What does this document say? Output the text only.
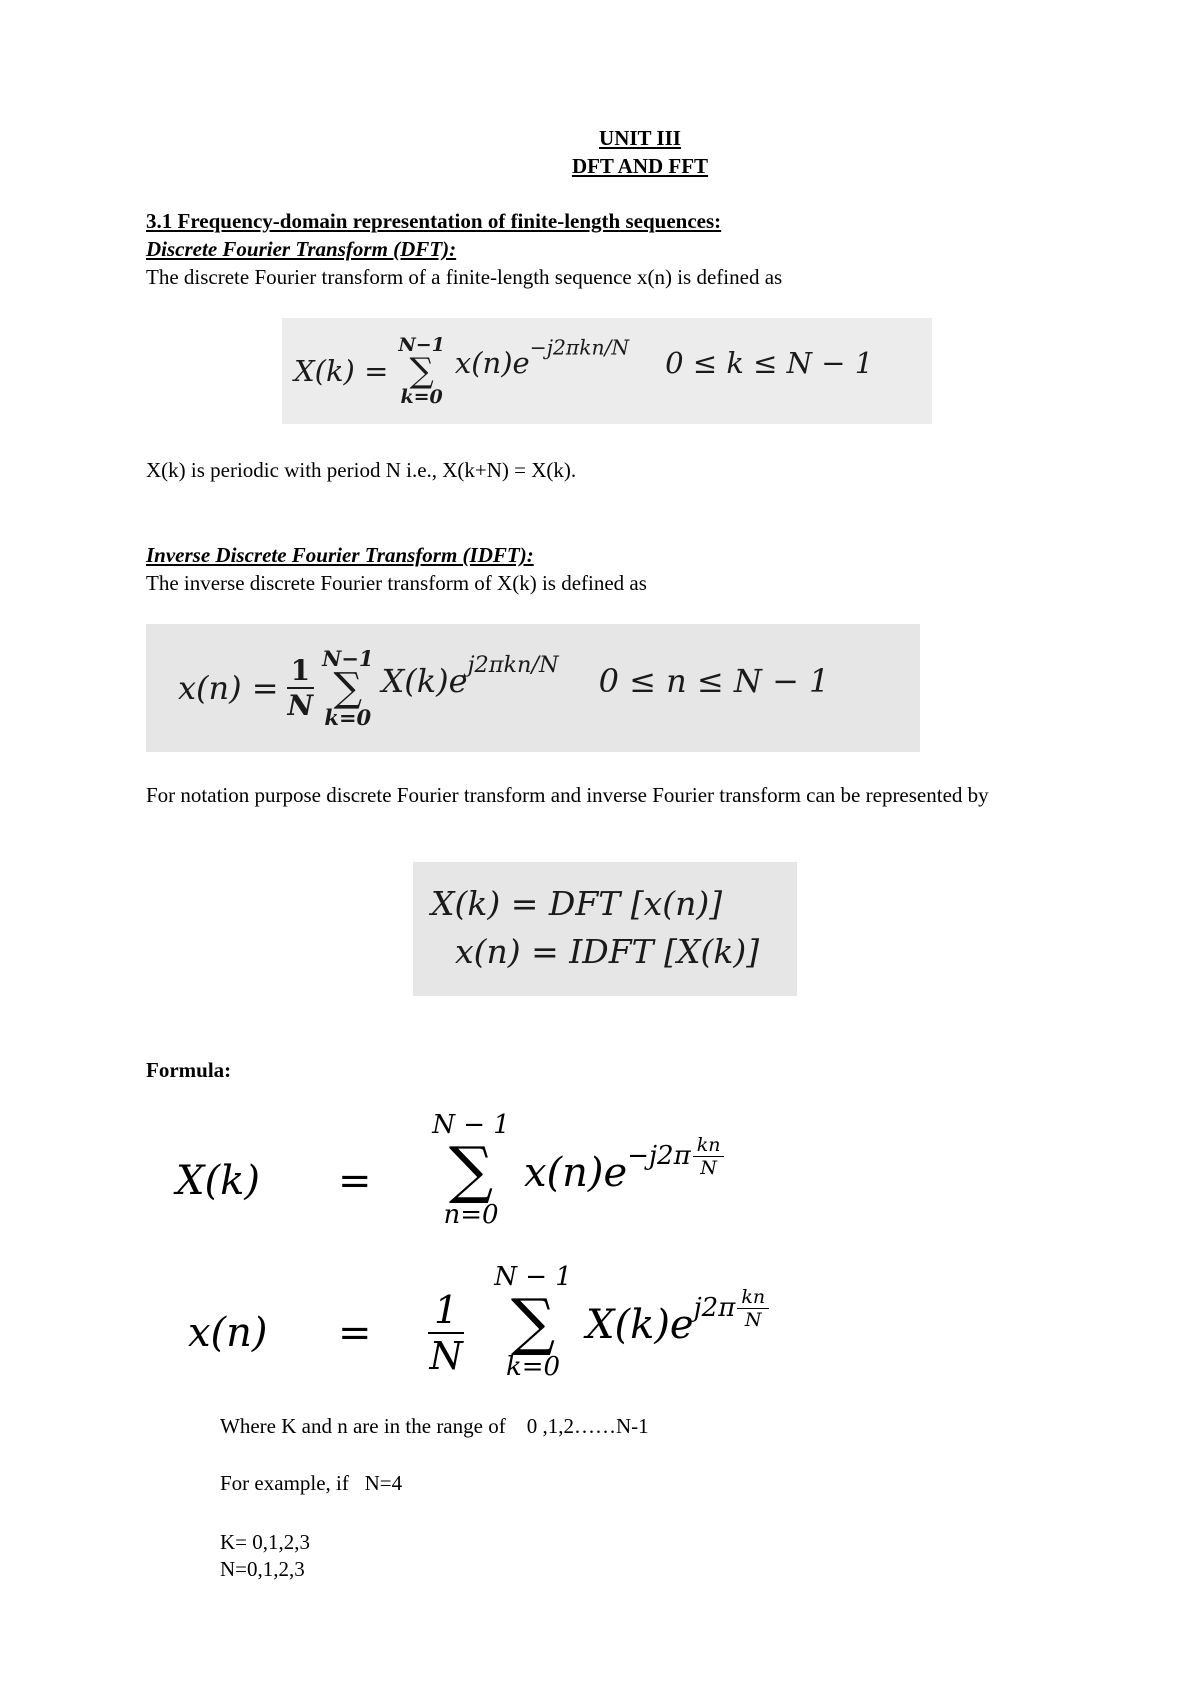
UNIT III
DFT AND FFT
3.1 Frequency-domain representation of finite-length sequences:
Discrete Fourier Transform (DFT):
The discrete Fourier transform of a finite-length sequence x(n) is defined as
X(k) =
N−1
∑
k=0
$x(n)e^{-j2\pi kn/N}$ 0 ≤ k ≤ N − 1
X(k) is periodic with period N i.e., X(k+N) = X(k).
Inverse Discrete Fourier Transform (IDFT):
The inverse discrete Fourier transform of X(k) is defined as
$x(n) = \frac{1}{N} N-1$
∑
k=0
$X(k)e^{j2\pi kn/N}$ 0 ≤ n ≤ N − 1
For notation purpose discrete Fourier transform and inverse Fourier transform can be represented by
X(k) = DFT [x(n)]
x(n) = IDFT [X(k)]
Formula:
X(k) =
N − 1
∑
n=0
$x(n)e -j2\pi \frac{kn}{N}$
$x(n) = \frac{1}{N}$
N − 1
∑
k=0
X(k)e $j2\pi \frac{kn}{N}$
Where K and n are in the range of    0 ,1,2……N-1
For example, if   N=4
K= 0,1,2,3
N=0,1,2,3
